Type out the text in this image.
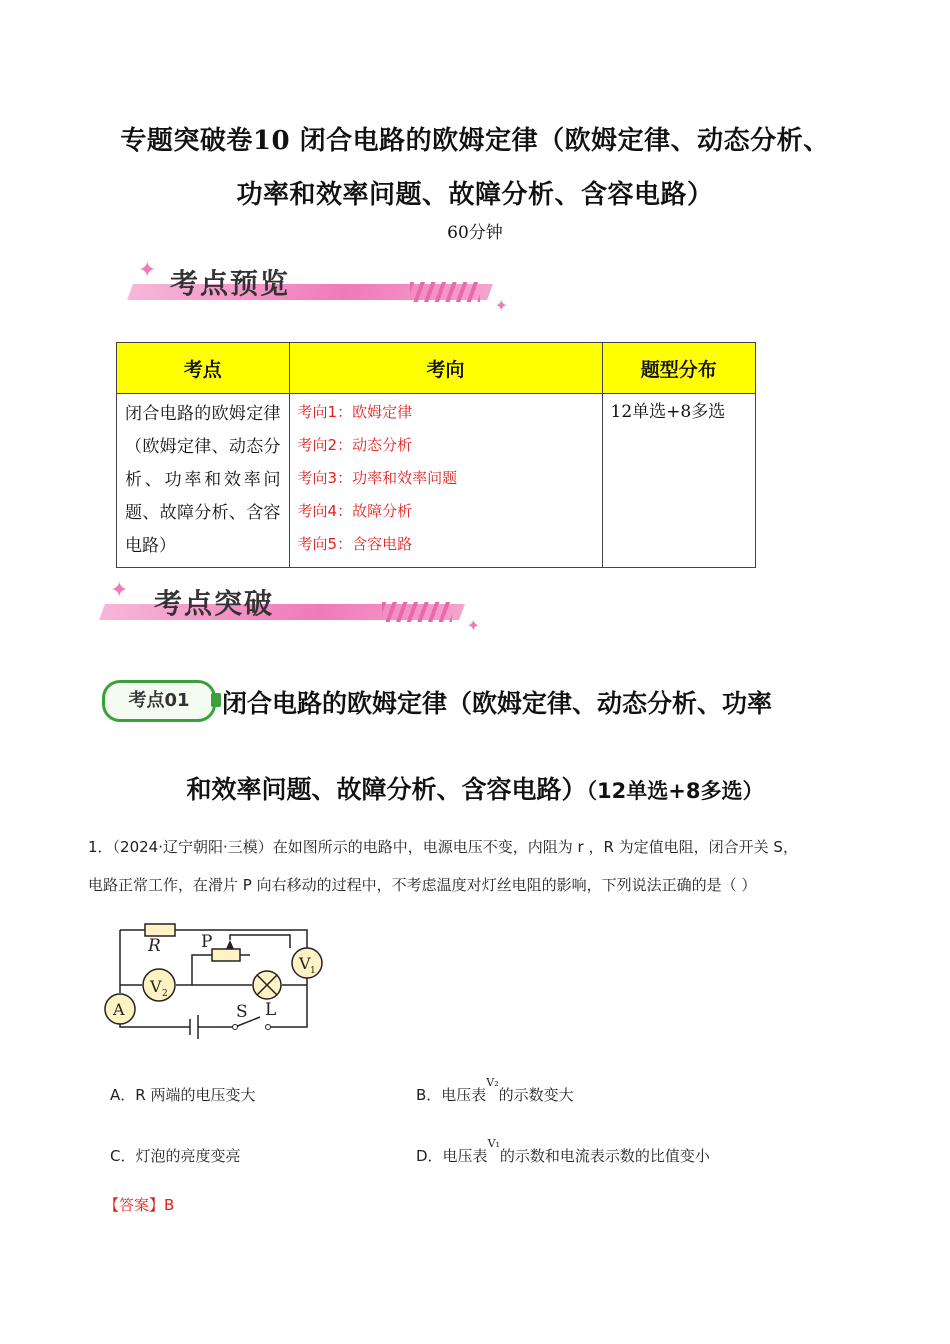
专题突破卷10 闭合电路的欧姆定律（欧姆定律、动态分析、
功率和效率问题、故障分析、含容电路）
60分钟
✦
✦
考点预览
考点	考向	题型分布
闭合电路的欧姆定律（欧姆定律、动态分析、功率和效率问题、故障分析、含容电路）	考向1：欧姆定律
考向2：动态分析
考向3：功率和效率问题
考向4：故障分析
考向5：含容电路	12单选+8多选
✦
✦
考点突破
考点01	闭合电路的欧姆定律（欧姆定律、动态分析、功率
和效率问题、故障分析、含容电路）（12单选+8多选）
1．（2024·辽宁朝阳·三模）在如图所示的电路中，电源电压不变，内阻为 r ，R 为定值电阻，闭合开关 S，
电路正常工作，在滑片 P 向右移动的过程中，不考虑温度对灯丝电阻的影响，下列说法正确的是（ ）
R P
V 1
V 2
A	S L
A．R 两端的电压变大	B．电压表$^{V_2}$的示数变大
C．灯泡的亮度变亮	D．电压表$^{V_1}$的示数和电流表示数的比值变小
【答案】B
